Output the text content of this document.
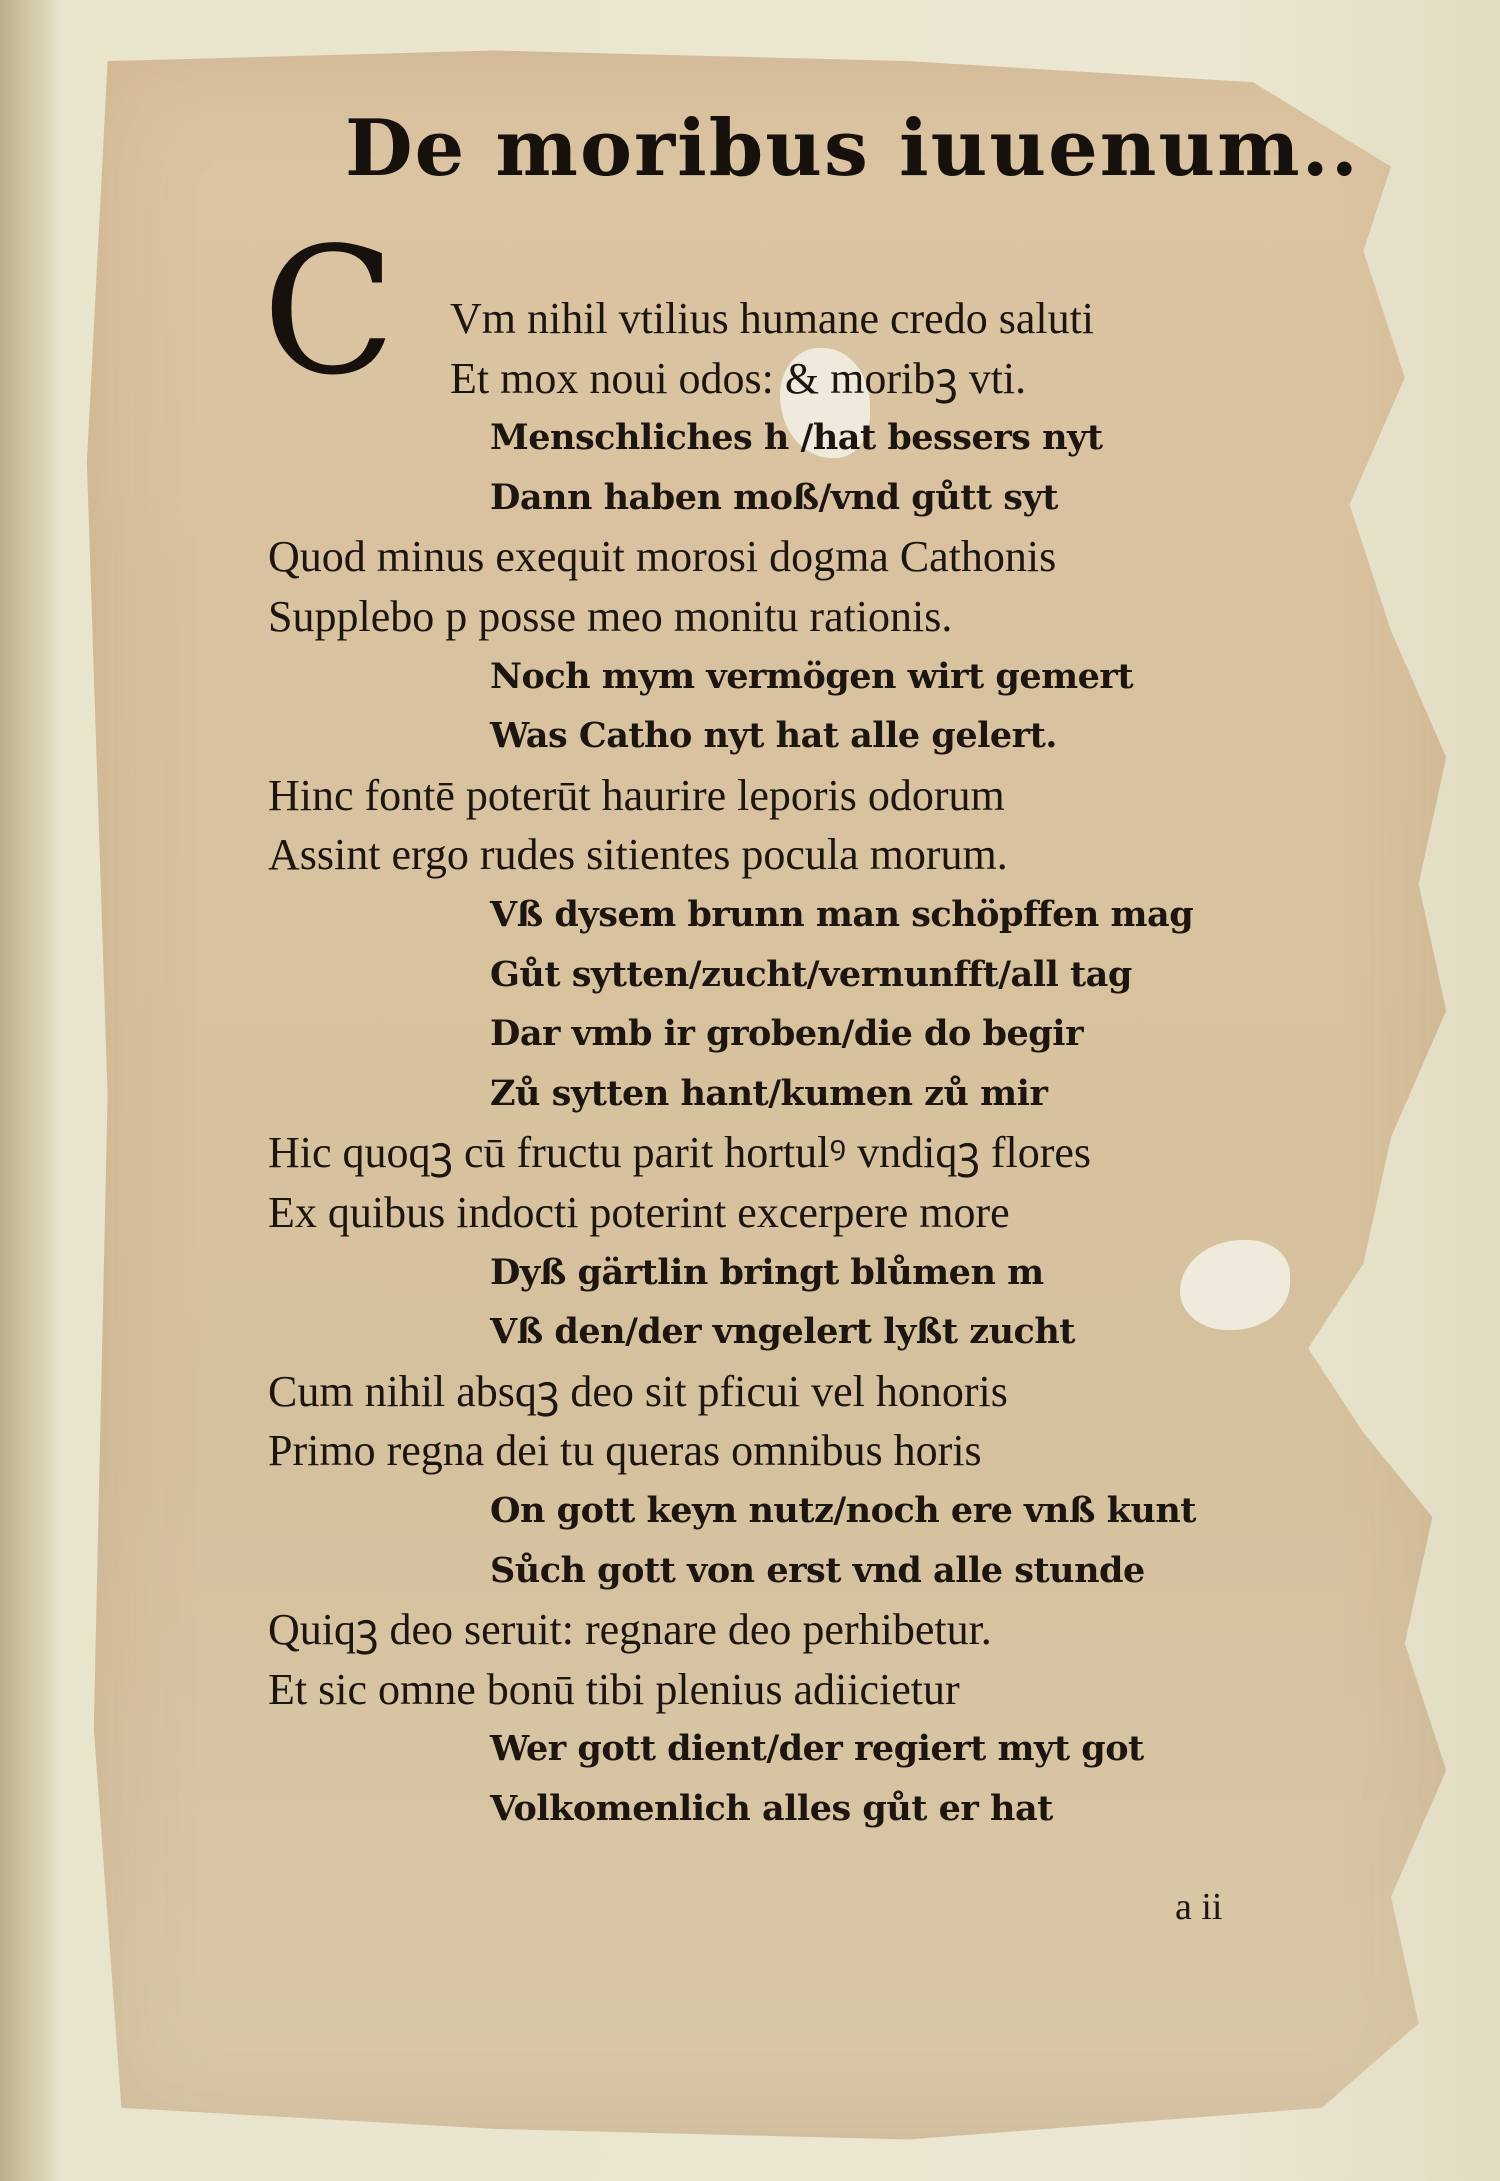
De moribus iuuenum..
C Vm nihil vtilius humane credo saluti
Et mox noui odos: & moribꝫ vti.
Menschliches h /hat bessers nyt
Dann haben moß/vnd gůtt syt
Quod minus exequit morosi dogma Cathonis
Supplebo p posse meo monitu rationis.
Noch mym vermögen wirt gemert
Was Catho nyt hat alle gelert.
Hinc fontē poterūt haurire leporis odorum
Assint ergo rudes sitientes pocula morum.
Vß dysem brunn man schöpffen mag
Gůt sytten/zucht/vernunfft/all tag
Dar vmb ir groben/die do begir
Zů sytten hant/kumen zů mir
Hic quoqꝫ cū fructu parit hortulꝰ vndiqꝫ flores
Ex quibus indocti poterint excerpere more
Dyß gärtlin bringt blůmen m
Vß den/der vngelert lyßt zucht
Cum nihil absqꝫ deo sit pficui vel honoris
Primo regna dei tu queras omnibus horis
On gott keyn nutz/noch ere vnß kunt
Sůch gott von erst vnd alle stunde
Quiqꝫ deo seruit: regnare deo perhibetur.
Et sic omne bonū tibi plenius adiicietur
Wer gott dient/der regiert myt got
Volkomenlich alles gůt er hat
a ii
